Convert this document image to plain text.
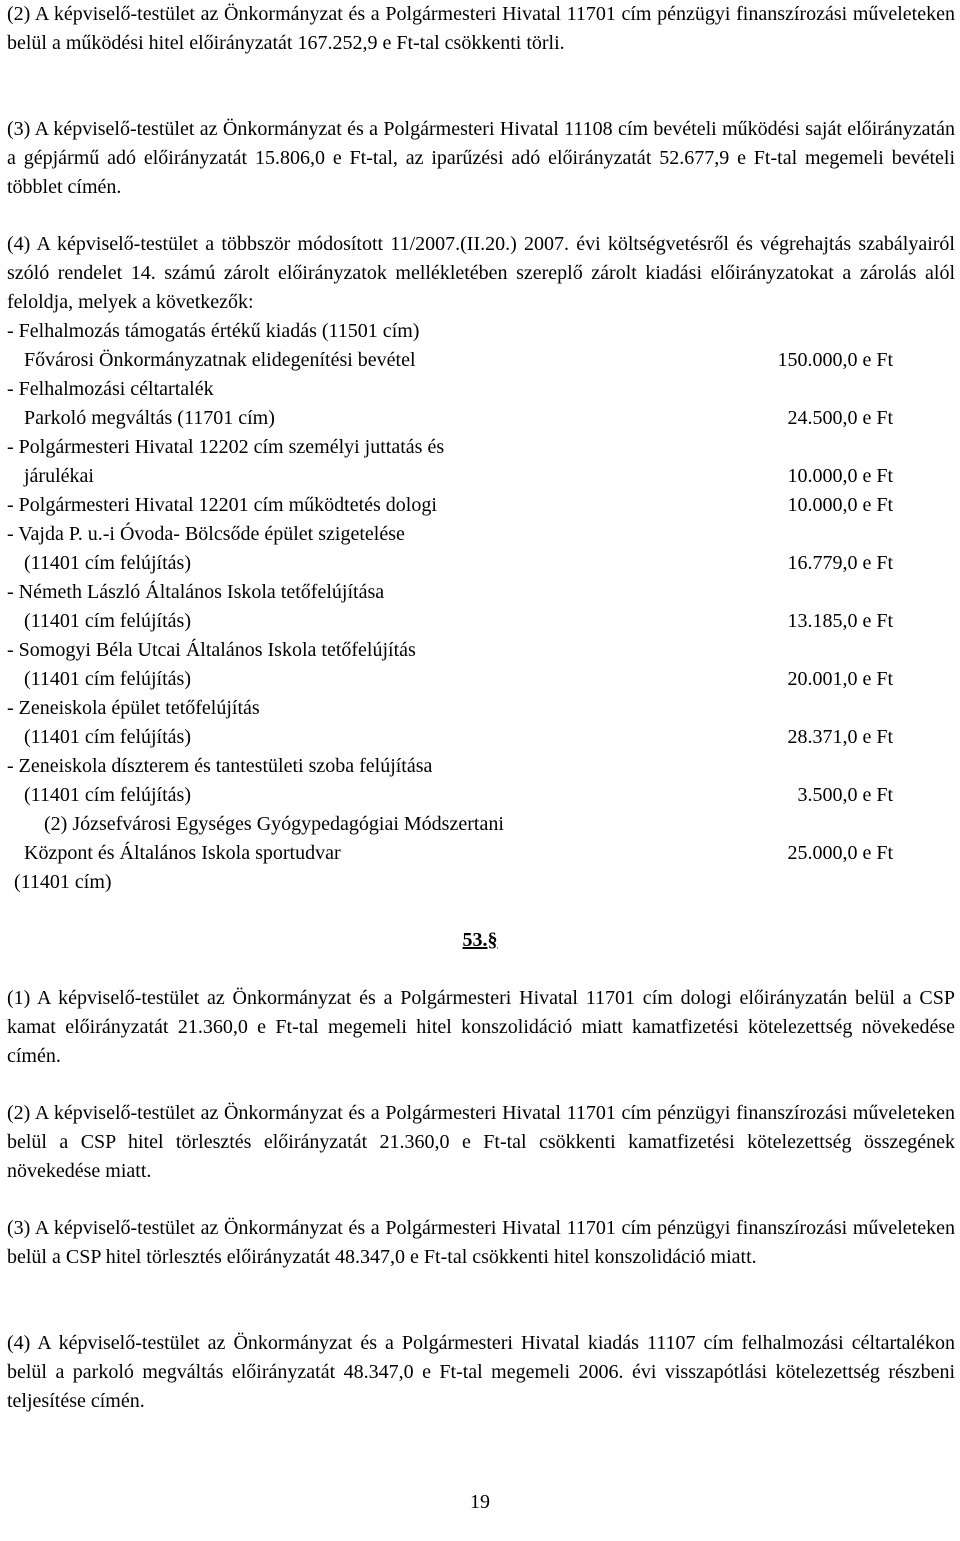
(2) A képviselő-testület az Önkormányzat és a Polgármesteri Hivatal 11701 cím pénzügyi finanszírozási műveleteken belül a működési hitel előirányzatát 167.252,9 e Ft-tal csökkenti törli.
(3) A képviselő-testület az Önkormányzat és a Polgármesteri Hivatal 11108 cím bevételi működési saját előirányzatán a gépjármű adó előirányzatát 15.806,0 e Ft-tal, az iparűzési adó előirányzatát 52.677,9 e Ft-tal megemeli bevételi többlet címén.
(4) A képviselő-testület a többször módosított 11/2007.(II.20.) 2007. évi költségvetésről és végrehajtás szabályairól szóló rendelet 14. számú zárolt előirányzatok mellékletében szereplő zárolt kiadási előirányzatokat a zárolás alól feloldja, melyek a következők:
- Felhalmozás támogatás értékű kiadás (11501 cím)
Fővárosi Önkormányzatnak elidegenítési bevétel	150.000,0 e Ft
- Felhalmozási céltartalék
Parkoló megváltás (11701 cím)	24.500,0 e Ft
- Polgármesteri Hivatal 12202 cím személyi juttatás és
járulékai	10.000,0 e Ft
- Polgármesteri Hivatal 12201 cím működtetés dologi	10.000,0 e Ft
- Vajda P. u.-i Óvoda- Bölcsőde épület szigetelése
(11401 cím felújítás)	16.779,0 e Ft
- Németh László Általános Iskola tetőfelújítása
(11401 cím felújítás)	13.185,0 e Ft
- Somogyi Béla Utcai Általános Iskola tetőfelújítás
(11401 cím felújítás)	20.001,0 e Ft
- Zeneiskola épület tetőfelújítás
(11401 cím felújítás)	28.371,0 e Ft
- Zeneiskola díszterem és tantestületi szoba felújítása
(11401 cím felújítás)	3.500,0 e Ft
(2) Józsefvárosi Egységes Gyógypedagógiai Módszertani
Központ és Általános Iskola sportudvar	25.000,0 e Ft
(11401 cím)
53.§
(1) A képviselő-testület az Önkormányzat és a Polgármesteri Hivatal 11701 cím dologi előirányzatán belül a CSP kamat előirányzatát 21.360,0 e Ft-tal megemeli hitel konszolidáció miatt kamatfizetési kötelezettség növekedése címén.
(2) A képviselő-testület az Önkormányzat és a Polgármesteri Hivatal 11701 cím pénzügyi finanszírozási műveleteken belül a CSP hitel törlesztés előirányzatát 21.360,0 e Ft-tal csökkenti kamatfizetési kötelezettség összegének növekedése miatt.
(3) A képviselő-testület az Önkormányzat és a Polgármesteri Hivatal 11701 cím pénzügyi finanszírozási műveleteken belül a CSP hitel törlesztés előirányzatát 48.347,0 e Ft-tal csökkenti hitel konszolidáció miatt.
(4) A képviselő-testület az Önkormányzat és a Polgármesteri Hivatal kiadás 11107 cím felhalmozási céltartalékon belül a parkoló megváltás előirányzatát 48.347,0 e Ft-tal megemeli 2006. évi visszapótlási kötelezettség részbeni teljesítése címén.
19
